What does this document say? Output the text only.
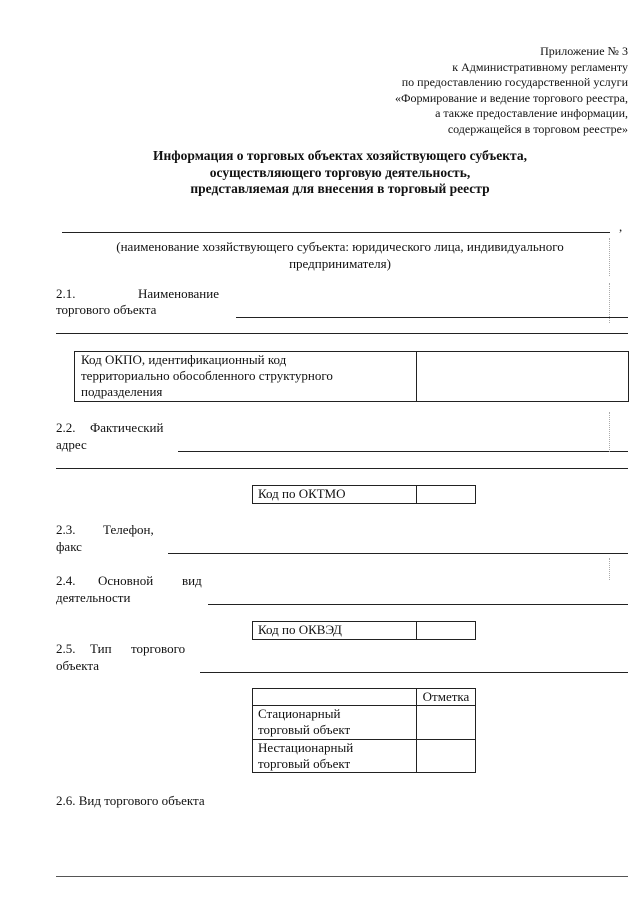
Приложение № 3
к Административному регламенту
по предоставлению государственной услуги
«Формирование и ведение торгового реестра,
а также предоставление информации,
содержащейся в торговом реестре»
Информация о торговых объектах хозяйствующего субъекта,
осуществляющего торговую деятельность,
представляемая для внесения в торговый реестр
,
(наименование хозяйствующего субъекта: юридического лица, индивидуального
предпринимателя)
2.1.	Наименование
торгового объекта
Код ОКПО, идентификационный код
территориально обособленного структурного
подразделения
2.2. Фактический
адрес
Код по ОКТМО
2.3. Телефон,
факс
2.4. Основной вид
деятельности
Код по ОКВЭД
2.5. Тип торгового
объекта
Отметка
Стационарный
торговый объект
Нестационарный
торговый объект
2.6. Вид торгового объекта
